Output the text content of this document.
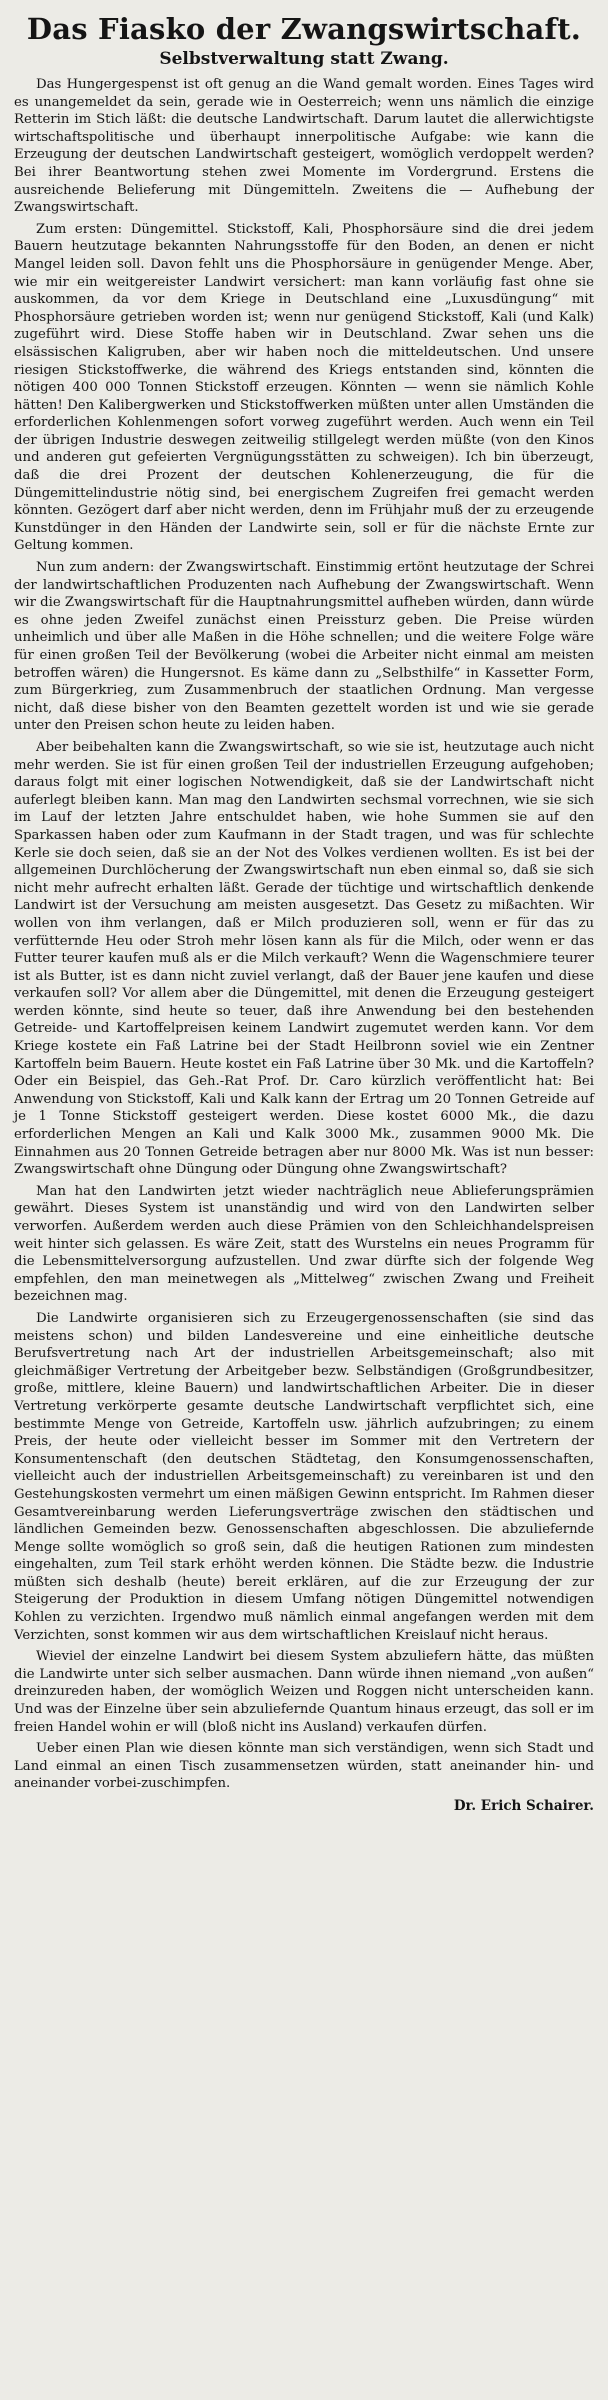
Das Fiasko der Zwangswirtschaft.
Selbstverwaltung statt Zwang.

Das Hungergespenst ist oft genug an die Wand gemalt worden. Eines Tages wird es unangemeldet da sein, gerade wie in Oesterreich; wenn uns nämlich die einzige Retterin im Stich läßt: die deutsche Landwirtschaft. Darum lautet die allerwichtigste wirtschaftspolitische und überhaupt innerpolitische Aufgabe: wie kann die Erzeugung der deutschen Landwirtschaft gesteigert, womöglich verdoppelt werden? Bei ihrer Beantwortung stehen zwei Momente im Vordergrund. Erstens die ausreichende Belieferung mit Düngemitteln. Zweitens die — Aufhebung der Zwangswirtschaft.

Zum ersten: Düngemittel. Stickstoff, Kali, Phosphorsäure sind die drei jedem Bauern heutzutage bekannten Nahrungsstoffe für den Boden, an denen er nicht Mangel leiden soll. Davon fehlt uns die Phosphorsäure in genügender Menge. Aber, wie mir ein weitgereister Landwirt versichert: man kann vorläufig fast ohne sie auskommen, da vor dem Kriege in Deutschland eine „Luxusdüngung“ mit Phosphorsäure getrieben worden ist; wenn nur genügend Stickstoff, Kali (und Kalk) zugeführt wird. Diese Stoffe haben wir in Deutschland. Zwar sehen uns die elsässischen Kaligruben, aber wir haben noch die mitteldeutschen. Und unsere riesigen Stickstoffwerke, die während des Kriegs entstanden sind, könnten die nötigen 400 000 Tonnen Stickstoff erzeugen. Könnten — wenn sie nämlich Kohle hätten! Den Kalibergwerken und Stickstoffwerken müßten unter allen Umständen die erforderlichen Kohlenmengen sofort vorweg zugeführt werden. Auch wenn ein Teil der übrigen Industrie deswegen zeitweilig stillgelegt werden müßte (von den Kinos und anderen gut gefeierten Vergnügungsstätten zu schweigen). Ich bin überzeugt, daß die drei Prozent der deutschen Kohlenerzeugung, die für die Düngemittelindustrie nötig sind, bei energischem Zugreifen frei gemacht werden könnten. Gezögert darf aber nicht werden, denn im Frühjahr muß der zu erzeugende Kunstdünger in den Händen der Landwirte sein, soll er für die nächste Ernte zur Geltung kommen.

Nun zum andern: der Zwangswirtschaft. Einstimmig ertönt heutzutage der Schrei der landwirtschaftlichen Produzenten nach Aufhebung der Zwangswirtschaft. Wenn wir die Zwangswirtschaft für die Hauptnahrungsmittel aufheben würden, dann würde es ohne jeden Zweifel zunächst einen Preissturz geben. Die Preise würden unheimlich und über alle Maßen in die Höhe schnellen; und die weitere Folge wäre für einen großen Teil der Bevölkerung (wobei die Arbeiter nicht einmal am meisten betroffen wären) die Hungersnot. Es käme dann zu „Selbsthilfe“ in Kassetter Form, zum Bürgerkrieg, zum Zusammenbruch der staatlichen Ordnung. Man vergesse nicht, daß diese bisher von den Beamten gezettelt worden ist und wie sie gerade unter den Preisen schon heute zu leiden haben.

Aber beibehalten kann die Zwangswirtschaft, so wie sie ist, heutzutage auch nicht mehr werden. Sie ist für einen großen Teil der industriellen Erzeugung aufgehoben; daraus folgt mit einer logischen Notwendigkeit, daß sie der Landwirtschaft nicht auferlegt bleiben kann. Man mag den Landwirten sechsmal vorrechnen, wie sie sich im Lauf der letzten Jahre entschuldet haben, wie hohe Summen sie auf den Sparkassen haben oder zum Kaufmann in der Stadt tragen, und was für schlechte Kerle sie doch seien, daß sie an der Not des Volkes verdienen wollten. Es ist bei der allgemeinen Durchlöcherung der Zwangswirtschaft nun eben einmal so, daß sie sich nicht mehr aufrecht erhalten läßt. Gerade der tüchtige und wirtschaftlich denkende Landwirt ist der Versuchung am meisten ausgesetzt. Das Gesetz zu mißachten. Wir wollen von ihm verlangen, daß er Milch produzieren soll, wenn er für das zu verfütternde Heu oder Stroh mehr lösen kann als für die Milch, oder wenn er das Futter teurer kaufen muß als er die Milch verkauft? Wenn die Wagenschmiere teurer ist als Butter, ist es dann nicht zuviel verlangt, daß der Bauer jene kaufen und diese verkaufen soll? Vor allem aber die Düngemittel, mit denen die Erzeugung gesteigert werden könnte, sind heute so teuer, daß ihre Anwendung bei den bestehenden Getreide- und Kartoffelpreisen keinem Landwirt zugemutet werden kann. Vor dem Kriege kostete ein Faß Latrine bei der Stadt Heilbronn soviel wie ein Zentner Kartoffeln beim Bauern. Heute kostet ein Faß Latrine über 30 Mk. und die Kartoffeln? Oder ein Beispiel, das Geh.-Rat Prof. Dr. Caro kürzlich veröffentlicht hat: Bei Anwendung von Stickstoff, Kali und Kalk kann der Ertrag um 20 Tonnen Getreide auf je 1 Tonne Stickstoff gesteigert werden. Diese kostet 6000 Mk., die dazu erforderlichen Mengen an Kali und Kalk 3000 Mk., zusammen 9000 Mk. Die Einnahmen aus 20 Tonnen Getreide betragen aber nur 8000 Mk. Was ist nun besser: Zwangswirtschaft ohne Düngung oder Düngung ohne Zwangswirtschaft?

Man hat den Landwirten jetzt wieder nachträglich neue Ablieferungsprämien gewährt. Dieses System ist unanständig und wird von den Landwirten selber verworfen. Außerdem werden auch diese Prämien von den Schleichhandelspreisen weit hinter sich gelassen. Es wäre Zeit, statt des Wurstelns ein neues Programm für die Lebensmittelversorgung aufzustellen. Und zwar dürfte sich der folgende Weg empfehlen, den man meinetwegen als „Mittelweg“ zwischen Zwang und Freiheit bezeichnen mag.

Die Landwirte organisieren sich zu Erzeugergenossenschaften (sie sind das meistens schon) und bilden Landesvereine und eine einheitliche deutsche Berufsvertretung nach Art der industriellen Arbeitsgemeinschaft; also mit gleichmäßiger Vertretung der Arbeitgeber bezw. Selbständigen (Großgrundbesitzer, große, mittlere, kleine Bauern) und landwirtschaftlichen Arbeiter. Die in dieser Vertretung verkörperte gesamte deutsche Landwirtschaft verpflichtet sich, eine bestimmte Menge von Getreide, Kartoffeln usw. jährlich aufzubringen; zu einem Preis, der heute oder vielleicht besser im Sommer mit den Vertretern der Konsumentenschaft (den deutschen Städtetag, den Konsumgenossenschaften, vielleicht auch der industriellen Arbeitsgemeinschaft) zu vereinbaren ist und den Gestehungskosten vermehrt um einen mäßigen Gewinn entspricht. Im Rahmen dieser Gesamtvereinbarung werden Lieferungsverträge zwischen den städtischen und ländlichen Gemeinden bezw. Genossenschaften abgeschlossen. Die abzuliefernde Menge sollte womöglich so groß sein, daß die heutigen Rationen zum mindesten eingehalten, zum Teil stark erhöht werden können. Die Städte bezw. die Industrie müßten sich deshalb (heute) bereit erklären, auf die zur Erzeugung der zur Steigerung der Produktion in diesem Umfang nötigen Düngemittel notwendigen Kohlen zu verzichten. Irgendwo muß nämlich einmal angefangen werden mit dem Verzichten, sonst kommen wir aus dem wirtschaftlichen Kreislauf nicht heraus.

Wieviel der einzelne Landwirt bei diesem System abzuliefern hätte, das müßten die Landwirte unter sich selber ausmachen. Dann würde ihnen niemand „von außen“ dreinzureden haben, der womöglich Weizen und Roggen nicht unterscheiden kann. Und was der Einzelne über sein abzuliefernde Quantum hinaus erzeugt, das soll er im freien Handel wohin er will (bloß nicht ins Ausland) verkaufen dürfen.

Ueber einen Plan wie diesen könnte man sich verständigen, wenn sich Stadt und Land einmal an einen Tisch zusammensetzen würden, statt aneinander hin- und aneinander vorbei-zuschimpfen.

Dr. Erich Schairer.
